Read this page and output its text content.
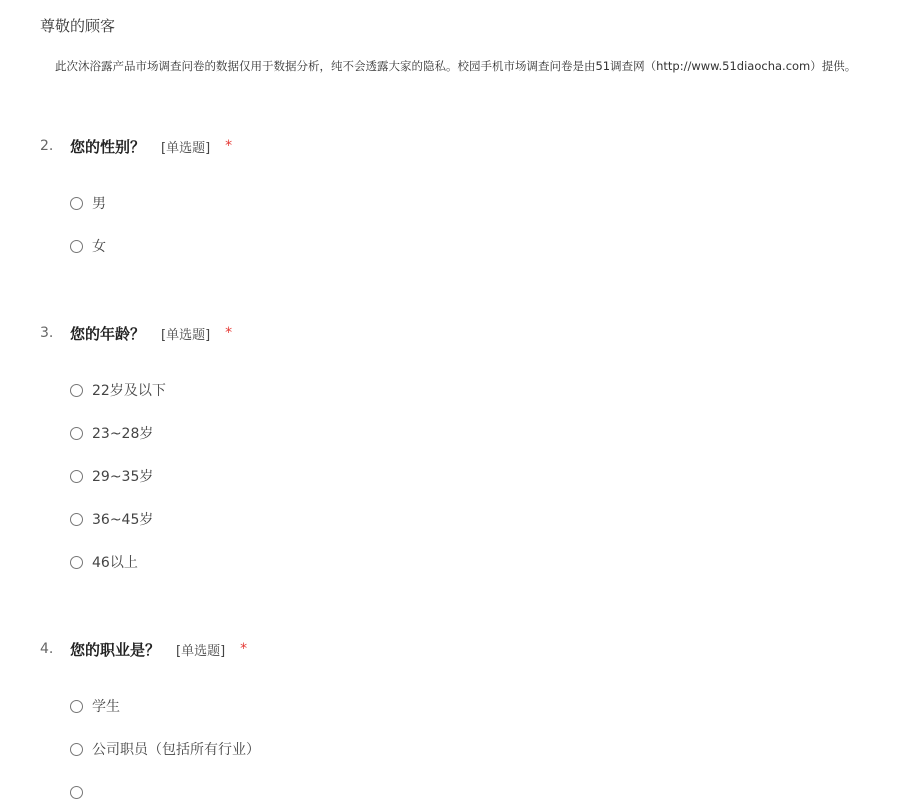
尊敬的顾客
此次沐浴露产品市场调查问卷的数据仅用于数据分析，纯不会透露大家的隐私。校园手机市场调查问卷是由51调查网（http://www.51diaocha.com）提供。
2.	您的性别？ [单选题] *
男
女
3.	您的年龄？ [单选题] *
22岁及以下
23~28岁
29~35岁
36~45岁
46以上
4.	您的职业是？ [单选题] *
学生
公司职员（包括所有行业）
